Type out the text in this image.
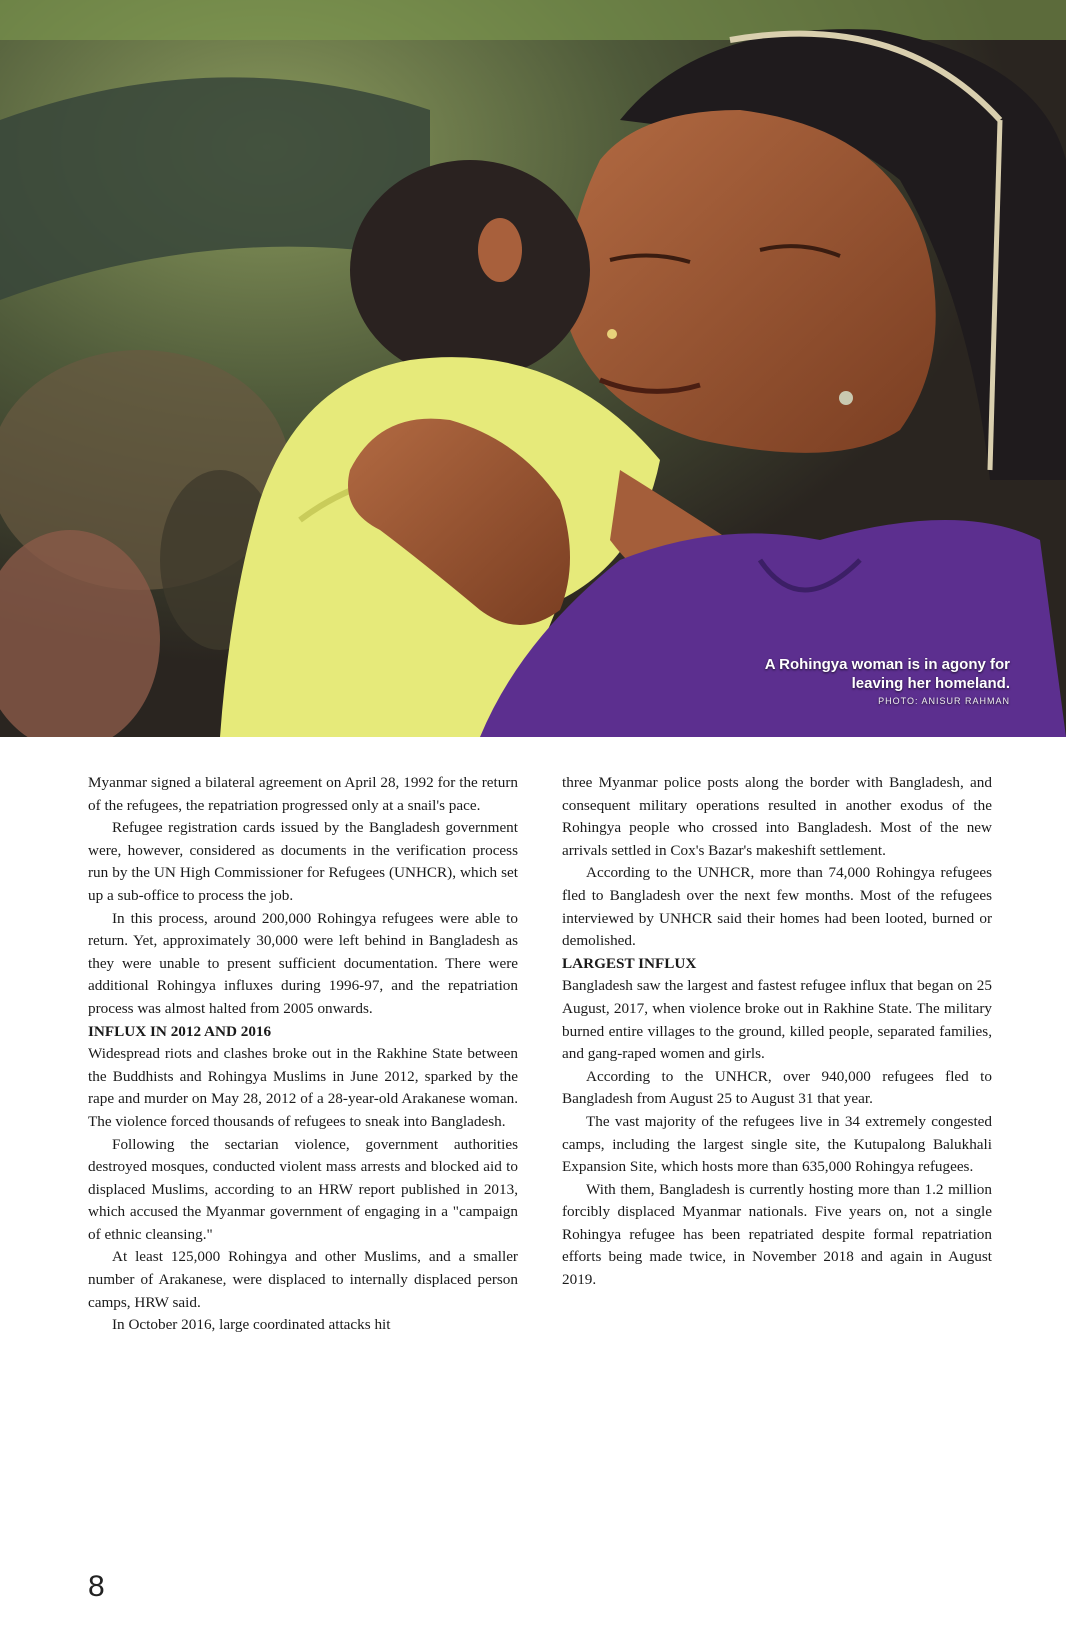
A Rohingya woman is in agony for
leaving her homeland.
PHOTO: ANISUR RAHMAN

Myanmar signed a bilateral agreement on April 28, 1992 for the return of the refugees, the repatriation progressed only at a snail's pace.

Refugee registration cards issued by the Bangladesh government were, however, considered as documents in the verification process run by the UN High Commissioner for Refugees (UNHCR), which set up a sub-office to process the job.

In this process, around 200,000 Rohingya refugees were able to return. Yet, approximately 30,000 were left behind in Bangladesh as they were unable to present sufficient documentation. There were additional Rohingya influxes during 1996-97, and the repatriation process was almost halted from 2005 onwards.

INFLUX IN 2012 AND 2016

Widespread riots and clashes broke out in the Rakhine State between the Buddhists and Rohingya Muslims in June 2012, sparked by the rape and murder on May 28, 2012 of a 28-year-old Arakanese woman. The violence forced thousands of refugees to sneak into Bangladesh.

Following the sectarian violence, government authorities destroyed mosques, conducted violent mass arrests and blocked aid to displaced Muslims, according to an HRW report published in 2013, which accused the Myanmar government of engaging in a "campaign of ethnic cleansing."

At least 125,000 Rohingya and other Muslims, and a smaller number of Arakanese, were displaced to internally displaced person camps, HRW said.

In October 2016, large coordinated attacks hit

three Myanmar police posts along the border with Bangladesh, and consequent military operations resulted in another exodus of the Rohingya people who crossed into Bangladesh. Most of the new arrivals settled in Cox's Bazar's makeshift settlement.

According to the UNHCR, more than 74,000 Rohingya refugees fled to Bangladesh over the next few months. Most of the refugees interviewed by UNHCR said their homes had been looted, burned or demolished.

LARGEST INFLUX

Bangladesh saw the largest and fastest refugee influx that began on 25 August, 2017, when violence broke out in Rakhine State. The military burned entire villages to the ground, killed people, separated families, and gang-raped women and girls.

According to the UNHCR, over 940,000 refugees fled to Bangladesh from August 25 to August 31 that year.

The vast majority of the refugees live in 34 extremely congested camps, including the largest single site, the Kutupalong Balukhali Expansion Site, which hosts more than 635,000 Rohingya refugees.

With them, Bangladesh is currently hosting more than 1.2 million forcibly displaced Myanmar nationals. Five years on, not a single Rohingya refugee has been repatriated despite formal repatriation efforts being made twice, in November 2018 and again in August 2019.

8
